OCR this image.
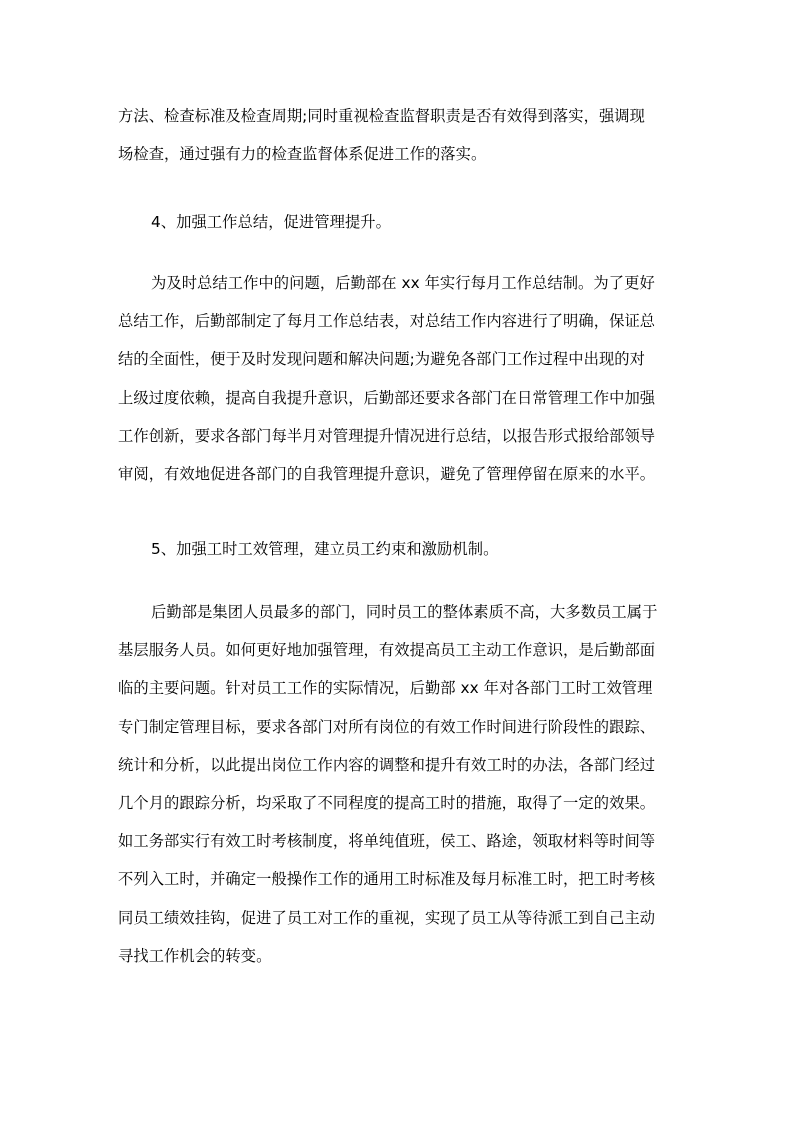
方法、检查标准及检查周期;同时重视检查监督职责是否有效得到落实，强调现
场检查，通过强有力的检查监督体系促进工作的落实。
4、加强工作总结，促进管理提升。
为及时总结工作中的问题，后勤部在 xx 年实行每月工作总结制。为了更好
总结工作，后勤部制定了每月工作总结表，对总结工作内容进行了明确，保证总
结的全面性，便于及时发现问题和解决问题;为避免各部门工作过程中出现的对
上级过度依赖，提高自我提升意识，后勤部还要求各部门在日常管理工作中加强
工作创新，要求各部门每半月对管理提升情况进行总结，以报告形式报给部领导
审阅，有效地促进各部门的自我管理提升意识，避免了管理停留在原来的水平。
5、加强工时工效管理，建立员工约束和激励机制。
后勤部是集团人员最多的部门，同时员工的整体素质不高，大多数员工属于
基层服务人员。如何更好地加强管理，有效提高员工主动工作意识，是后勤部面
临的主要问题。针对员工工作的实际情况，后勤部 xx 年对各部门工时工效管理
专门制定管理目标，要求各部门对所有岗位的有效工作时间进行阶段性的跟踪、
统计和分析，以此提出岗位工作内容的调整和提升有效工时的办法，各部门经过
几个月的跟踪分析，均采取了不同程度的提高工时的措施，取得了一定的效果。
如工务部实行有效工时考核制度，将单纯值班，侯工、路途，领取材料等时间等
不列入工时，并确定一般操作工作的通用工时标准及每月标准工时，把工时考核
同员工绩效挂钩，促进了员工对工作的重视，实现了员工从等待派工到自己主动
寻找工作机会的转变。
